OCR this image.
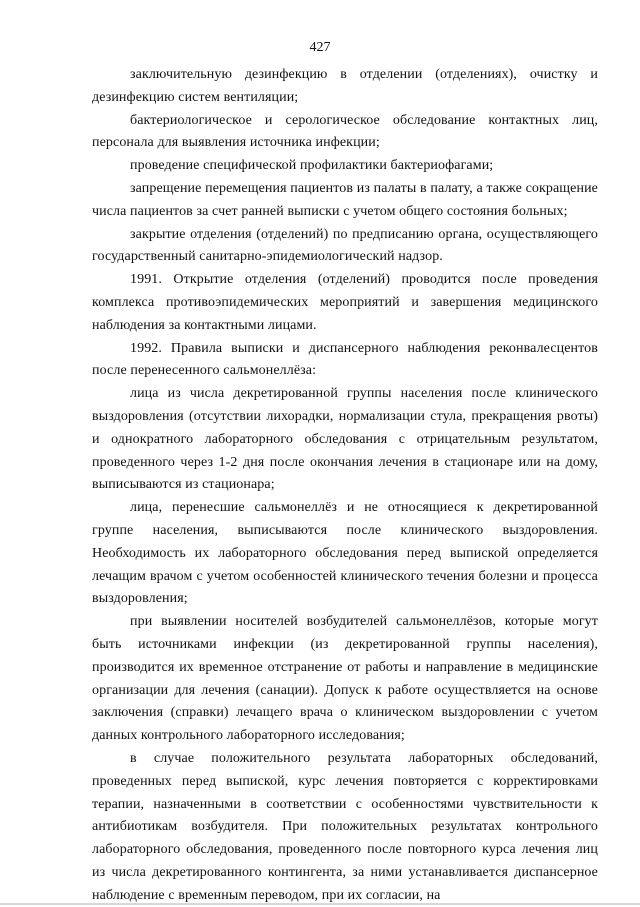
427

заключительную дезинфекцию в отделении (отделениях), очистку и дезинфекцию систем вентиляции;

бактериологическое и серологическое обследование контактных лиц, персонала для выявления источника инфекции;

проведение специфической профилактики бактериофагами;

запрещение перемещения пациентов из палаты в палату, а также сокращение числа пациентов за счет ранней выписки с учетом общего состояния больных;

закрытие отделения (отделений) по предписанию органа, осуществляющего государственный санитарно-эпидемиологический надзор.

1991. Открытие отделения (отделений) проводится после проведения комплекса противоэпидемических мероприятий и завершения медицинского наблюдения за контактными лицами.

1992. Правила выписки и диспансерного наблюдения реконвалесцентов после перенесенного сальмонеллёза:

лица из числа декретированной группы населения после клинического выздоровления (отсутствии лихорадки, нормализации стула, прекращения рвоты) и однократного лабораторного обследования с отрицательным результатом, проведенного через 1-2 дня после окончания лечения в стационаре или на дому, выписываются из стационара;

лица, перенесшие сальмонеллёз и не относящиеся к декретированной группе населения, выписываются после клинического выздоровления. Необходимость их лабораторного обследования перед выпиской определяется лечащим врачом с учетом особенностей клинического течения болезни и процесса выздоровления;

при выявлении носителей возбудителей сальмонеллёзов, которые могут быть источниками инфекции (из декретированной группы населения), производится их временное отстранение от работы и направление в медицинские организации для лечения (санации). Допуск к работе осуществляется на основе заключения (справки) лечащего врача о клиническом выздоровлении с учетом данных контрольного лабораторного исследования;

в случае положительного результата лабораторных обследований, проведенных перед выпиской, курс лечения повторяется с корректировками терапии, назначенными в соответствии с особенностями чувствительности к антибиотикам возбудителя. При положительных результатах контрольного лабораторного обследования, проведенного после повторного курса лечения лиц из числа декретированного контингента, за ними устанавливается диспансерное наблюдение с временным переводом, при их согласии, на
